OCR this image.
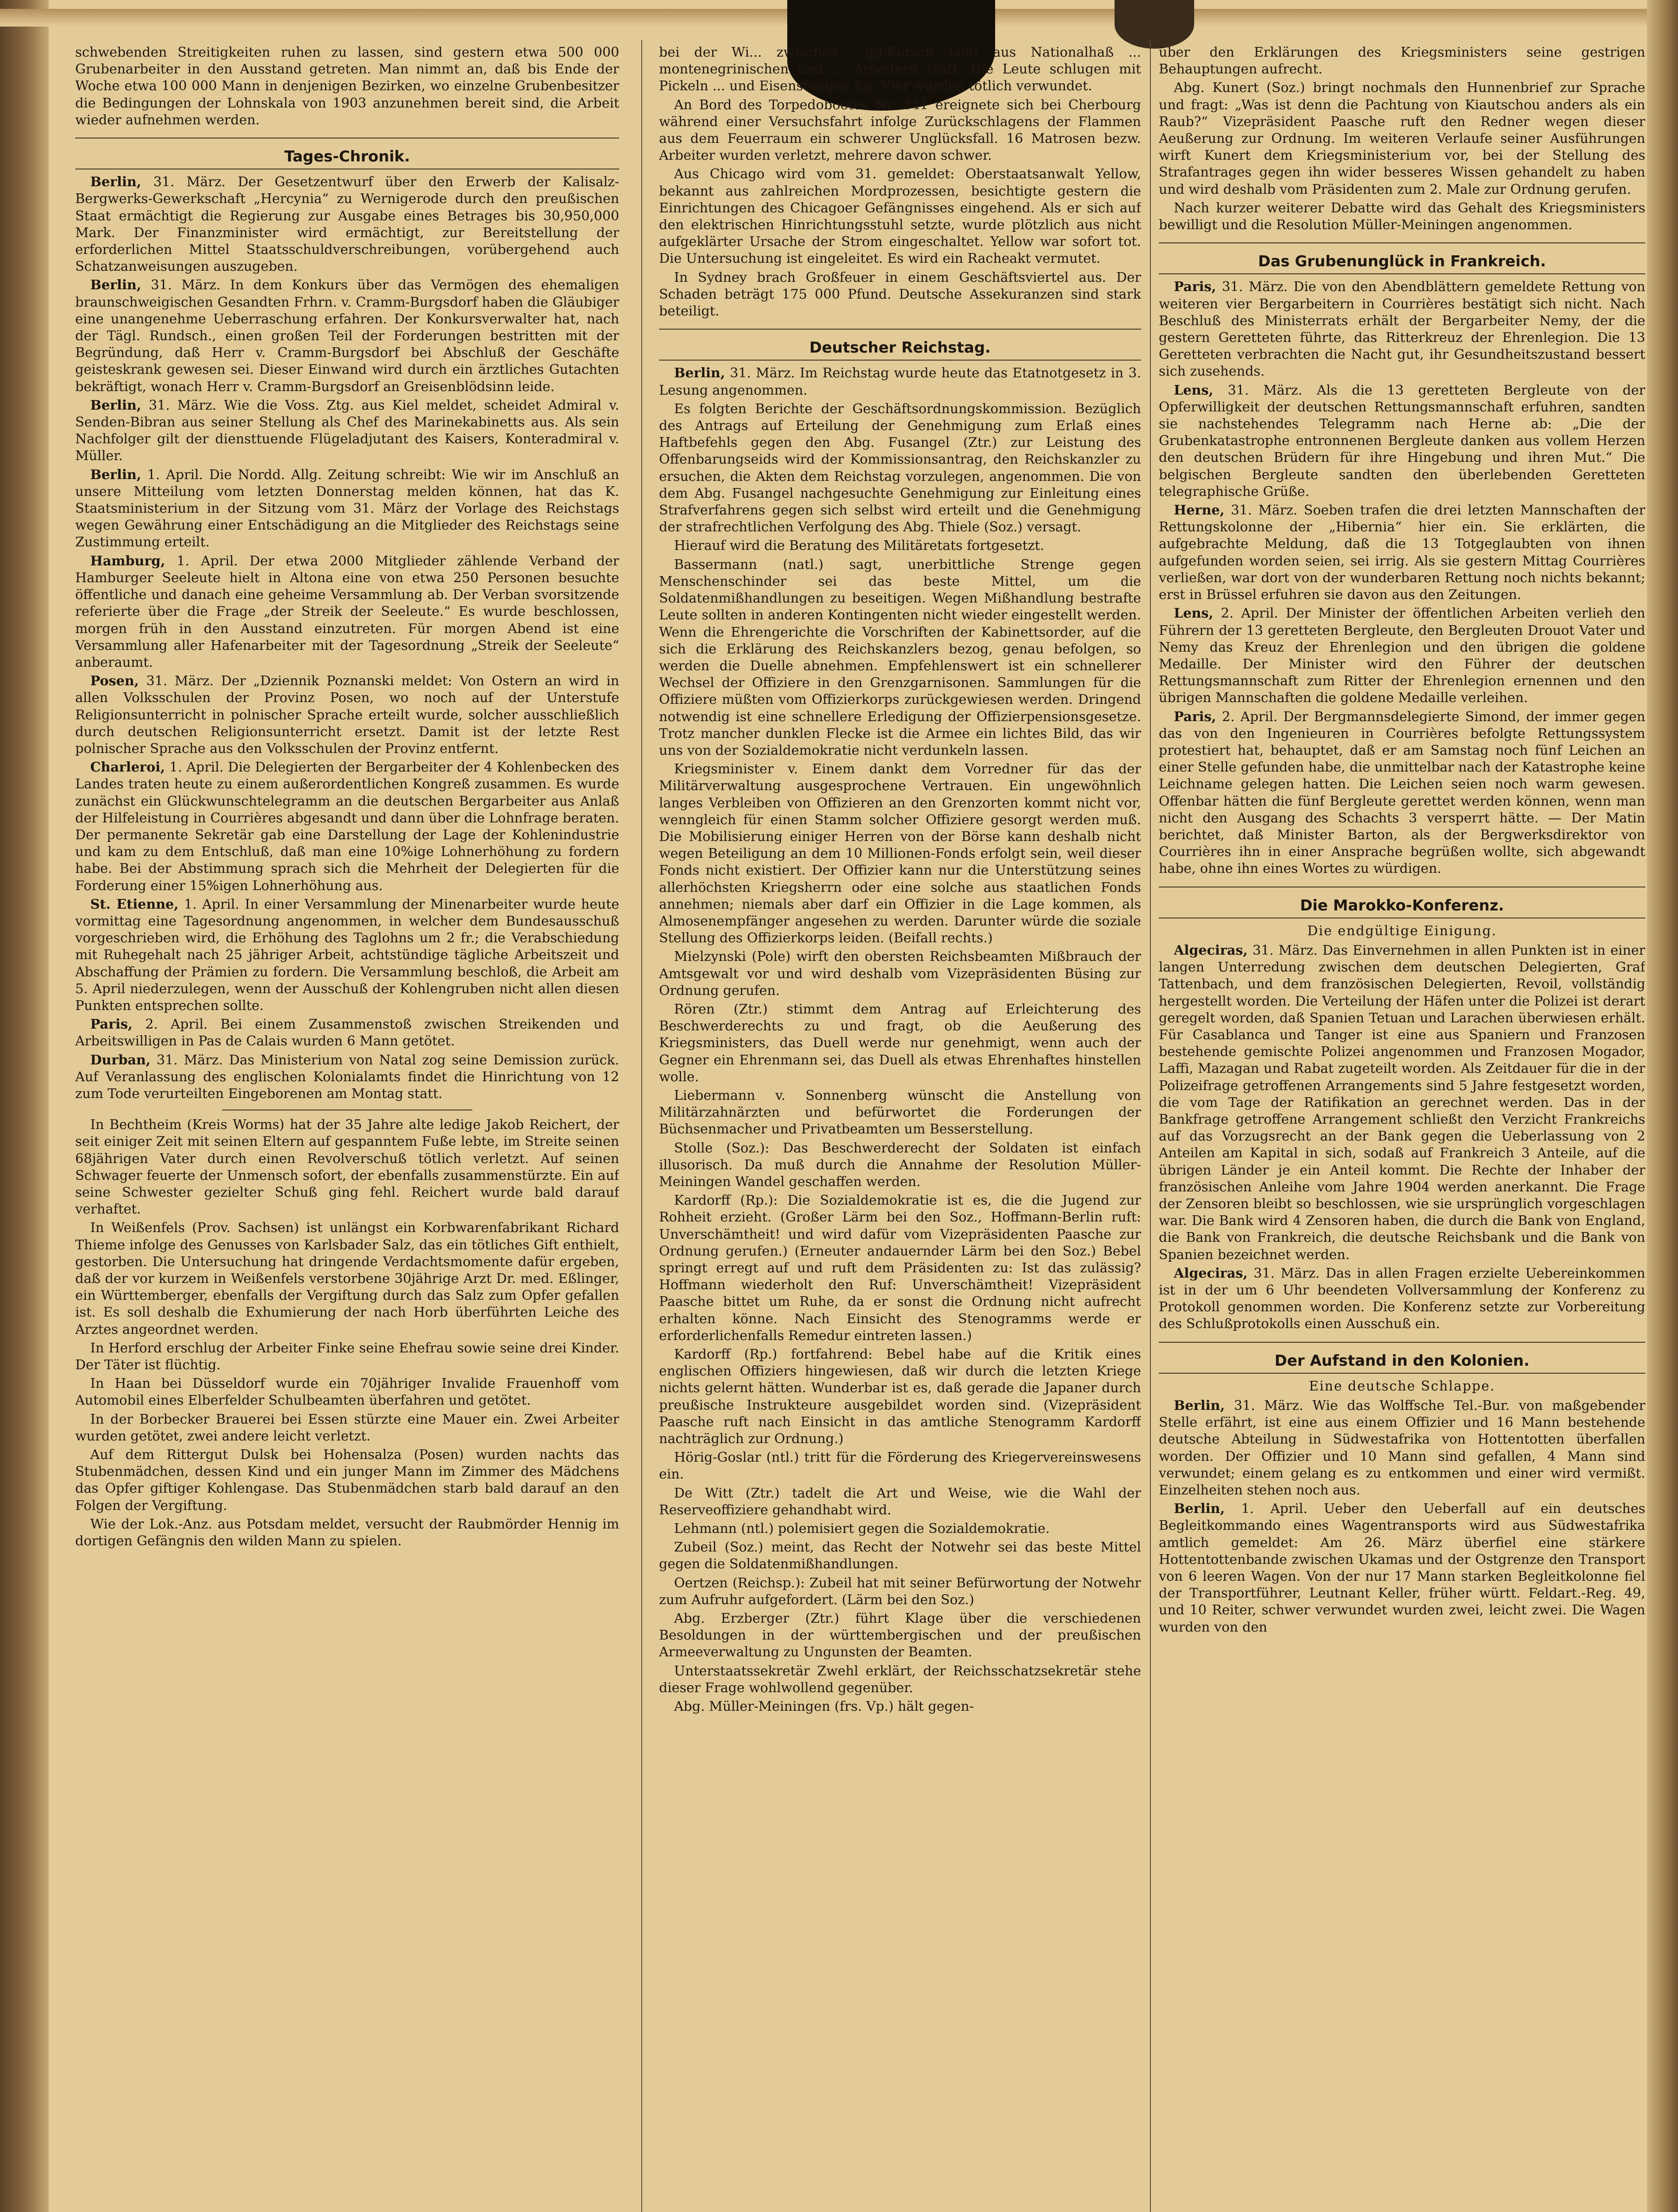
schwebenden Streitigkeiten ruhen zu lassen, sind gestern etwa 500 000 Grubenarbeiter in den Ausstand getreten. Man nimmt an, daß bis Ende der Woche etwa 100 000 Mann in denjenigen Bezirken, wo einzelne Grubenbesitzer die Bedingungen der Lohnskala von 1903 anzunehmen bereit sind, die Arbeit wieder aufnehmen werden.

Tages-Chronik.

Berlin, 31. März. Der Gesetzentwurf über den Erwerb der Kalisalz-Bergwerks-Gewerkschaft „Hercynia“ zu Wernigerode durch den preußischen Staat ermächtigt die Regierung zur Ausgabe eines Betrages bis 30,950,000 Mark. Der Finanzminister wird ermächtigt, zur Bereitstellung der erforderlichen Mittel Staatsschuldverschreibungen, vorübergehend auch Schatzanweisungen auszugeben.

Berlin, 31. März. In dem Konkurs über das Vermögen des ehemaligen braunschweigischen Gesandten Frhrn. v. Cramm-Burgsdorf haben die Gläubiger eine unangenehme Ueberraschung erfahren. Der Konkursverwalter hat, nach der Tägl. Rundsch., einen großen Teil der Forderungen bestritten mit der Begründung, daß Herr v. Cramm-Burgsdorf bei Abschluß der Geschäfte geisteskrank gewesen sei. Dieser Einwand wird durch ein ärztliches Gutachten bekräftigt, wonach Herr v. Cramm-Burgsdorf an Greisenblödsinn leide.

Berlin, 31. März. Wie die Voss. Ztg. aus Kiel meldet, scheidet Admiral v. Senden-Bibran aus seiner Stellung als Chef des Marinekabinetts aus. Als sein Nachfolger gilt der diensttuende Flügeladjutant des Kaisers, Konteradmiral v. Müller.

Berlin, 1. April. Die Nordd. Allg. Zeitung schreibt: Wie wir im Anschluß an unsere Mitteilung vom letzten Donnerstag melden können, hat das K. Staatsministerium in der Sitzung vom 31. März der Vorlage des Reichstags wegen Gewährung einer Entschädigung an die Mitglieder des Reichstags seine Zustimmung erteilt.

Hamburg, 1. April. Der etwa 2000 Mitglieder zählende Verband der Hamburger Seeleute hielt in Altona eine von etwa 250 Personen besuchte öffentliche und danach eine geheime Versammlung ab. Der Verban svorsitzende referierte über die Frage „der Streik der Seeleute.“ Es wurde beschlossen, morgen früh in den Ausstand einzutreten. Für morgen Abend ist eine Versammlung aller Hafenarbeiter mit der Tagesordnung „Streik der Seeleute“ anberaumt.

Posen, 31. März. Der „Dziennik Poznanski meldet: Von Ostern an wird in allen Volksschulen der Provinz Posen, wo noch auf der Unterstufe Religionsunterricht in polnischer Sprache erteilt wurde, solcher ausschließlich durch deutschen Religionsunterricht ersetzt. Damit ist der letzte Rest polnischer Sprache aus den Volksschulen der Provinz entfernt.

Charleroi, 1. April. Die Delegierten der Bergarbeiter der 4 Kohlenbecken des Landes traten heute zu einem außerordentlichen Kongreß zusammen. Es wurde zunächst ein Glückwunschtelegramm an die deutschen Bergarbeiter aus Anlaß der Hilfeleistung in Courrières abgesandt und dann über die Lohnfrage beraten. Der permanente Sekretär gab eine Darstellung der Lage der Kohlenindustrie und kam zu dem Entschluß, daß man eine 10%ige Lohnerhöhung zu fordern habe. Bei der Abstimmung sprach sich die Mehrheit der Delegierten für die Forderung einer 15%igen Lohnerhöhung aus.

St. Etienne, 1. April. In einer Versammlung der Minenarbeiter wurde heute vormittag eine Tagesordnung angenommen, in welcher dem Bundesausschuß vorgeschrieben wird, die Erhöhung des Taglohns um 2 fr.; die Verabschiedung mit Ruhegehalt nach 25 jähriger Arbeit, achtstündige tägliche Arbeitszeit und Abschaffung der Prämien zu fordern. Die Versammlung beschloß, die Arbeit am 5. April niederzulegen, wenn der Ausschuß der Kohlengruben nicht allen diesen Punkten entsprechen sollte.

Paris, 2. April. Bei einem Zusammenstoß zwischen Streikenden und Arbeitswilligen in Pas de Calais wurden 6 Mann getötet.

Durban, 31. März. Das Ministerium von Natal zog seine Demission zurück. Auf Veranlassung des englischen Kolonialamts findet die Hinrichtung von 12 zum Tode verurteilten Eingeborenen am Montag statt.

In Bechtheim (Kreis Worms) hat der 35 Jahre alte ledige Jakob Reichert, der seit einiger Zeit mit seinen Eltern auf gespanntem Fuße lebte, im Streite seinen 68jährigen Vater durch einen Revolverschuß tötlich verletzt. Auf seinen Schwager feuerte der Unmensch sofort, der ebenfalls zusammenstürzte. Ein auf seine Schwester gezielter Schuß ging fehl. Reichert wurde bald darauf verhaftet.

In Weißenfels (Prov. Sachsen) ist unlängst ein Korbwarenfabrikant Richard Thieme infolge des Genusses von Karlsbader Salz, das ein tötliches Gift enthielt, gestorben. Die Untersuchung hat dringende Verdachtsmomente dafür ergeben, daß der vor kurzem in Weißenfels verstorbene 30jährige Arzt Dr. med. Eßlinger, ein Württemberger, ebenfalls der Vergiftung durch das Salz zum Opfer gefallen ist. Es soll deshalb die Exhumierung der nach Horb überführten Leiche des Arztes angeordnet werden.

In Herford erschlug der Arbeiter Finke seine Ehefrau sowie seine drei Kinder. Der Täter ist flüchtig.

In Haan bei Düsseldorf wurde ein 70jähriger Invalide Frauenhoff vom Automobil eines Elberfelder Schulbeamten überfahren und getötet.

In der Borbecker Brauerei bei Essen stürzte eine Mauer ein. Zwei Arbeiter wurden getötet, zwei andere leicht verletzt.

Auf dem Rittergut Dulsk bei Hohensalza (Posen) wurden nachts das Stubenmädchen, dessen Kind und ein junger Mann im Zimmer des Mädchens das Opfer giftiger Kohlengase. Das Stubenmädchen starb bald darauf an den Folgen der Vergiftung.

Wie der Lok.-Anz. aus Potsdam meldet, versucht der Raubmörder Hennig im dortigen Gefängnis den wilden Mann zu spielen.

bei der Wi... zwischen ...gg-Korsch fand aus Nationalhaß ... montenegrinischen und ... Arbeitern statt. Die Leute schlugen mit Pickeln ... und Eisenstangen los. Vier wurden tötlich verwundet.

An Bord des Torpedobootes Nr. 341 ereignete sich bei Cherbourg während einer Versuchsfahrt infolge Zurückschlagens der Flammen aus dem Feuerraum ein schwerer Unglücksfall. 16 Matrosen bezw. Arbeiter wurden verletzt, mehrere davon schwer.

Aus Chicago wird vom 31. gemeldet: Oberstaatsanwalt Yellow, bekannt aus zahlreichen Mordprozessen, besichtigte gestern die Einrichtungen des Chicagoer Gefängnisses eingehend. Als er sich auf den elektrischen Hinrichtungsstuhl setzte, wurde plötzlich aus nicht aufgeklärter Ursache der Strom eingeschaltet. Yellow war sofort tot. Die Untersuchung ist eingeleitet. Es wird ein Racheakt vermutet.

In Sydney brach Großfeuer in einem Geschäftsviertel aus. Der Schaden beträgt 175 000 Pfund. Deutsche Assekuranzen sind stark beteiligt.

Deutscher Reichstag.

Berlin, 31. März. Im Reichstag wurde heute das Etatnotgesetz in 3. Lesung angenommen.

Es folgten Berichte der Geschäftsordnungskommission. Bezüglich des Antrags auf Erteilung der Genehmigung zum Erlaß eines Haftbefehls gegen den Abg. Fusangel (Ztr.) zur Leistung des Offenbarungseids wird der Kommissionsantrag, den Reichskanzler zu ersuchen, die Akten dem Reichstag vorzulegen, angenommen. Die von dem Abg. Fusangel nachgesuchte Genehmigung zur Einleitung eines Strafverfahrens gegen sich selbst wird erteilt und die Genehmigung der strafrechtlichen Verfolgung des Abg. Thiele (Soz.) versagt.

Hierauf wird die Beratung des Militäretats fortgesetzt.

Bassermann (natl.) sagt, unerbittliche Strenge gegen Menschenschinder sei das beste Mittel, um die Soldatenmißhandlungen zu beseitigen. Wegen Mißhandlung bestrafte Leute sollten in anderen Kontingenten nicht wieder eingestellt werden. Wenn die Ehrengerichte die Vorschriften der Kabinettsorder, auf die sich die Erklärung des Reichskanzlers bezog, genau befolgen, so werden die Duelle abnehmen. Empfehlenswert ist ein schnellerer Wechsel der Offiziere in den Grenzgarnisonen. Sammlungen für die Offiziere müßten vom Offizierkorps zurückgewiesen werden. Dringend notwendig ist eine schnellere Erledigung der Offizierpensionsgesetze. Trotz mancher dunklen Flecke ist die Armee ein lichtes Bild, das wir uns von der Sozialdemokratie nicht verdunkeln lassen.

Kriegsminister v. Einem dankt dem Vorredner für das der Militärverwaltung ausgesprochene Vertrauen. Ein ungewöhnlich langes Verbleiben von Offizieren an den Grenzorten kommt nicht vor, wenngleich für einen Stamm solcher Offiziere gesorgt werden muß. Die Mobilisierung einiger Herren von der Börse kann deshalb nicht wegen Beteiligung an dem 10 Millionen-Fonds erfolgt sein, weil dieser Fonds nicht existiert. Der Offizier kann nur die Unterstützung seines allerhöchsten Kriegsherrn oder eine solche aus staatlichen Fonds annehmen; niemals aber darf ein Offizier in die Lage kommen, als Almosenempfänger angesehen zu werden. Darunter würde die soziale Stellung des Offizierkorps leiden. (Beifall rechts.)

Mielzynski (Pole) wirft den obersten Reichsbeamten Mißbrauch der Amtsgewalt vor und wird deshalb vom Vizepräsidenten Büsing zur Ordnung gerufen.

Rören (Ztr.) stimmt dem Antrag auf Erleichterung des Beschwerderechts zu und fragt, ob die Aeußerung des Kriegsministers, das Duell werde nur genehmigt, wenn auch der Gegner ein Ehrenmann sei, das Duell als etwas Ehrenhaftes hinstellen wolle.

Liebermann v. Sonnenberg wünscht die Anstellung von Militärzahnärzten und befürwortet die Forderungen der Büchsenmacher und Privatbeamten um Besserstellung.

Stolle (Soz.): Das Beschwerderecht der Soldaten ist einfach illusorisch. Da muß durch die Annahme der Resolution Müller-Meiningen Wandel geschaffen werden.

Kardorff (Rp.): Die Sozialdemokratie ist es, die die Jugend zur Rohheit erzieht. (Großer Lärm bei den Soz., Hoffmann-Berlin ruft: Unverschämtheit! und wird dafür vom Vizepräsidenten Paasche zur Ordnung gerufen.) (Erneuter andauernder Lärm bei den Soz.) Bebel springt erregt auf und ruft dem Präsidenten zu: Ist das zulässig? Hoffmann wiederholt den Ruf: Unverschämtheit! Vizepräsident Paasche bittet um Ruhe, da er sonst die Ordnung nicht aufrecht erhalten könne. Nach Einsicht des Stenogramms werde er erforderlichenfalls Remedur eintreten lassen.)

Kardorff (Rp.) fortfahrend: Bebel habe auf die Kritik eines englischen Offiziers hingewiesen, daß wir durch die letzten Kriege nichts gelernt hätten. Wunderbar ist es, daß gerade die Japaner durch preußische Instrukteure ausgebildet worden sind. (Vizepräsident Paasche ruft nach Einsicht in das amtliche Stenogramm Kardorff nachträglich zur Ordnung.)

Hörig-Goslar (ntl.) tritt für die Förderung des Kriegervereinswesens ein.

De Witt (Ztr.) tadelt die Art und Weise, wie die Wahl der Reserveoffiziere gehandhabt wird.

Lehmann (ntl.) polemisiert gegen die Sozialdemokratie.

Zubeil (Soz.) meint, das Recht der Notwehr sei das beste Mittel gegen die Soldatenmißhandlungen.

Oertzen (Reichsp.): Zubeil hat mit seiner Befürwortung der Notwehr zum Aufruhr aufgefordert. (Lärm bei den Soz.)

Abg. Erzberger (Ztr.) führt Klage über die verschiedenen Besoldungen in der württembergischen und der preußischen Armeeverwaltung zu Ungunsten der Beamten.

Unterstaatssekretär Zwehl erklärt, der Reichsschatzsekretär stehe dieser Frage wohlwollend gegenüber.

Abg. Müller-Meiningen (frs. Vp.) hält gegen-

über den Erklärungen des Kriegsministers seine gestrigen Behauptungen aufrecht.

Abg. Kunert (Soz.) bringt nochmals den Hunnenbrief zur Sprache und fragt: „Was ist denn die Pachtung von Kiautschou anders als ein Raub?“ Vizepräsident Paasche ruft den Redner wegen dieser Aeußerung zur Ordnung. Im weiteren Verlaufe seiner Ausführungen wirft Kunert dem Kriegsministerium vor, bei der Stellung des Strafantrages gegen ihn wider besseres Wissen gehandelt zu haben und wird deshalb vom Präsidenten zum 2. Male zur Ordnung gerufen.

Nach kurzer weiterer Debatte wird das Gehalt des Kriegsministers bewilligt und die Resolution Müller-Meiningen angenommen.

Das Grubenunglück in Frankreich.

Paris, 31. März. Die von den Abendblättern gemeldete Rettung von weiteren vier Bergarbeitern in Courrières bestätigt sich nicht. Nach Beschluß des Ministerrats erhält der Bergarbeiter Nemy, der die gestern Geretteten führte, das Ritterkreuz der Ehrenlegion. Die 13 Geretteten verbrachten die Nacht gut, ihr Gesundheitszustand bessert sich zusehends.

Lens, 31. März. Als die 13 geretteten Bergleute von der Opferwilligkeit der deutschen Rettungsmannschaft erfuhren, sandten sie nachstehendes Telegramm nach Herne ab: „Die der Grubenkatastrophe entronnenen Bergleute danken aus vollem Herzen den deutschen Brüdern für ihre Hingebung und ihren Mut.“ Die belgischen Bergleute sandten den überlebenden Geretteten telegraphische Grüße.

Herne, 31. März. Soeben trafen die drei letzten Mannschaften der Rettungskolonne der „Hibernia“ hier ein. Sie erklärten, die aufgebrachte Meldung, daß die 13 Totgeglaubten von ihnen aufgefunden worden seien, sei irrig. Als sie gestern Mittag Courrières verließen, war dort von der wunderbaren Rettung noch nichts bekannt; erst in Brüssel erfuhren sie davon aus den Zeitungen.

Lens, 2. April. Der Minister der öffentlichen Arbeiten verlieh den Führern der 13 geretteten Bergleute, den Bergleuten Drouot Vater und Nemy das Kreuz der Ehrenlegion und den übrigen die goldene Medaille. Der Minister wird den Führer der deutschen Rettungsmannschaft zum Ritter der Ehrenlegion ernennen und den übrigen Mannschaften die goldene Medaille verleihen.

Paris, 2. April. Der Bergmannsdelegierte Simond, der immer gegen das von den Ingenieuren in Courrières befolgte Rettungssystem protestiert hat, behauptet, daß er am Samstag noch fünf Leichen an einer Stelle gefunden habe, die unmittelbar nach der Katastrophe keine Leichname gelegen hatten. Die Leichen seien noch warm gewesen. Offenbar hätten die fünf Bergleute gerettet werden können, wenn man nicht den Ausgang des Schachts 3 versperrt hätte. — Der Matin berichtet, daß Minister Barton, als der Bergwerksdirektor von Courrières ihn in einer Ansprache begrüßen wollte, sich abgewandt habe, ohne ihn eines Wortes zu würdigen.

Die Marokko-Konferenz.

Die endgültige Einigung.

Algeciras, 31. März. Das Einvernehmen in allen Punkten ist in einer langen Unterredung zwischen dem deutschen Delegierten, Graf Tattenbach, und dem französischen Delegierten, Revoil, vollständig hergestellt worden. Die Verteilung der Häfen unter die Polizei ist derart geregelt worden, daß Spanien Tetuan und Larachen überwiesen erhält. Für Casablanca und Tanger ist eine aus Spaniern und Franzosen bestehende gemischte Polizei angenommen und Franzosen Mogador, Laffi, Mazagan und Rabat zugeteilt worden. Als Zeitdauer für die in der Polizeifrage getroffenen Arrangements sind 5 Jahre festgesetzt worden, die vom Tage der Ratifikation an gerechnet werden. Das in der Bankfrage getroffene Arrangement schließt den Verzicht Frankreichs auf das Vorzugsrecht an der Bank gegen die Ueberlassung von 2 Anteilen am Kapital in sich, sodaß auf Frankreich 3 Anteile, auf die übrigen Länder je ein Anteil kommt. Die Rechte der Inhaber der französischen Anleihe vom Jahre 1904 werden anerkannt. Die Frage der Zensoren bleibt so beschlossen, wie sie ursprünglich vorgeschlagen war. Die Bank wird 4 Zensoren haben, die durch die Bank von England, die Bank von Frankreich, die deutsche Reichsbank und die Bank von Spanien bezeichnet werden.

Algeciras, 31. März. Das in allen Fragen erzielte Uebereinkommen ist in der um 6 Uhr beendeten Vollversammlung der Konferenz zu Protokoll genommen worden. Die Konferenz setzte zur Vorbereitung des Schlußprotokolls einen Ausschuß ein.

Der Aufstand in den Kolonien.

Eine deutsche Schlappe.

Berlin, 31. März. Wie das Wolffsche Tel.-Bur. von maßgebender Stelle erfährt, ist eine aus einem Offizier und 16 Mann bestehende deutsche Abteilung in Südwestafrika von Hottentotten überfallen worden. Der Offizier und 10 Mann sind gefallen, 4 Mann sind verwundet; einem gelang es zu entkommen und einer wird vermißt. Einzelheiten stehen noch aus.

Berlin, 1. April. Ueber den Ueberfall auf ein deutsches Begleitkommando eines Wagentransports wird aus Südwestafrika amtlich gemeldet: Am 26. März überfiel eine stärkere Hottentottenbande zwischen Ukamas und der Ostgrenze den Transport von 6 leeren Wagen. Von der nur 17 Mann starken Begleitkolonne fiel der Transportführer, Leutnant Keller, früher württ. Feldart.-Reg. 49, und 10 Reiter, schwer verwundet wurden zwei, leicht zwei. Die Wagen wurden von den
